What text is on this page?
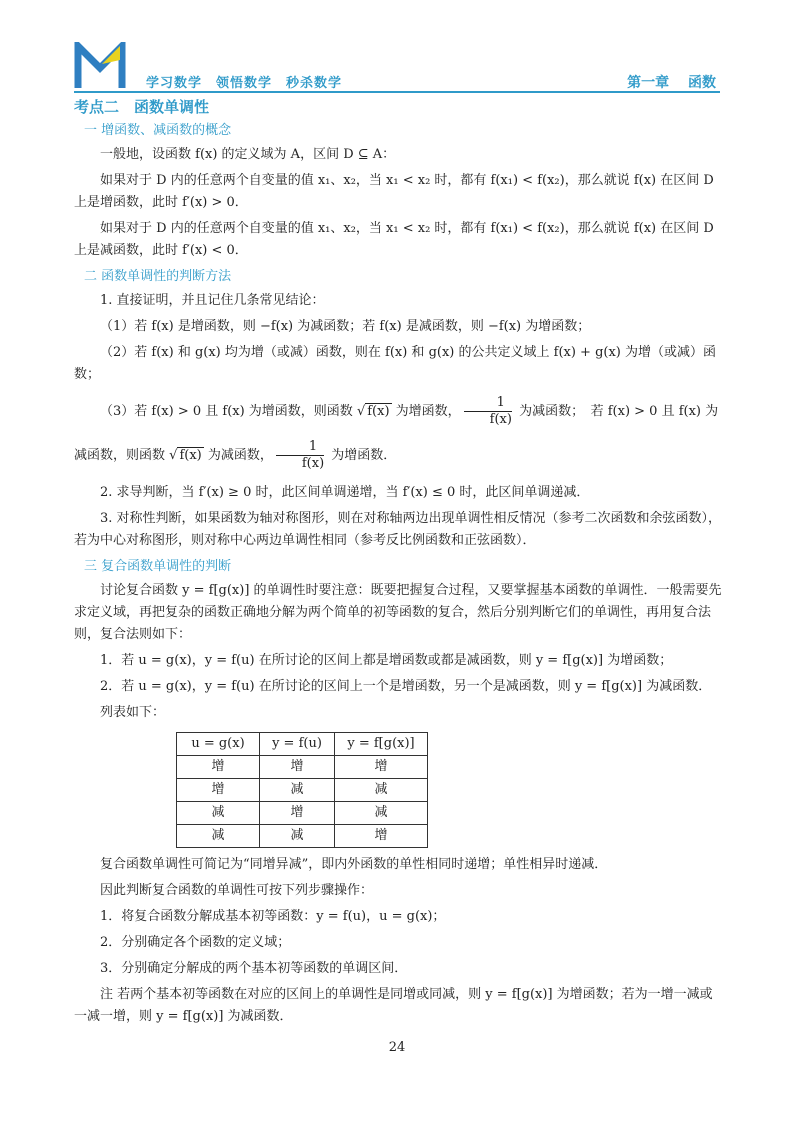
学习数学　领悟数学　秒杀数学	第一章　 函数
考点二　函数单调性
一 增函数、减函数的概念
一般地，设函数 f(x) 的定义域为 A，区间 D ⊆ A：
如果对于 D 内的任意两个自变量的值 x₁、x₂，当 x₁ < x₂ 时，都有 f(x₁) < f(x₂)，那么就说 f(x) 在区间 D 上是增函数，此时 f′(x) > 0．
如果对于 D 内的任意两个自变量的值 x₁、x₂，当 x₁ < x₂ 时，都有 f(x₁) < f(x₂)，那么就说 f(x) 在区间 D 上是减函数，此时 f′(x) < 0．
二 函数单调性的判断方法
1. 直接证明，并且记住几条常见结论：
（1）若 f(x) 是增函数，则 −f(x) 为减函数；若 f(x) 是减函数，则 −f(x) 为增函数；
（2）若 f(x) 和 g(x) 均为增（或减）函数，则在 f(x) 和 g(x) 的公共定义域上 f(x) + g(x) 为增（或减）函数；
（3）若 f(x) > 0 且 f(x) 为增函数，则函数 √ f(x) 为增函数， $\frac{1}{f(x)}$ 为减函数；　若 f(x) > 0 且 f(x) 为减函数，则函数 √ f(x) 为减函数， $\frac{1}{f(x)}$ 为增函数．
2. 求导判断，当 f′(x) ≥ 0 时，此区间单调递增，当 f′(x) ≤ 0 时，此区间单调递减．
3. 对称性判断，如果函数为轴对称图形，则在对称轴两边出现单调性相反情况（参考二次函数和余弦函数），若为中心对称图形，则对称中心两边单调性相同（参考反比例函数和正弦函数）．
三 复合函数单调性的判断
讨论复合函数 y = f[g(x)] 的单调性时要注意：既要把握复合过程，又要掌握基本函数的单调性．一般需要先求定义域，再把复杂的函数正确地分解为两个简单的初等函数的复合，然后分别判断它们的单调性，再用复合法则，复合法则如下：
1．若 u = g(x)，y = f(u) 在所讨论的区间上都是增函数或都是减函数，则 y = f[g(x)] 为增函数；
2．若 u = g(x)，y = f(u) 在所讨论的区间上一个是增函数，另一个是减函数，则 y = f[g(x)] 为减函数．
列表如下：
u = g(x)	y = f(u)	y = f[g(x)]
增	增	增
增	减	减
减	增	减
减	减	增
复合函数单调性可简记为“同增异减”，即内外函数的单性相同时递增；单性相异时递减．
因此判断复合函数的单调性可按下列步骤操作：
1．将复合函数分解成基本初等函数：y = f(u)，u = g(x)；
2．分别确定各个函数的定义域；
3．分别确定分解成的两个基本初等函数的单调区间．
注 若两个基本初等函数在对应的区间上的单调性是同增或同减，则 y = f[g(x)] 为增函数；若为一增一减或一减一增，则 y = f[g(x)] 为减函数．
24
